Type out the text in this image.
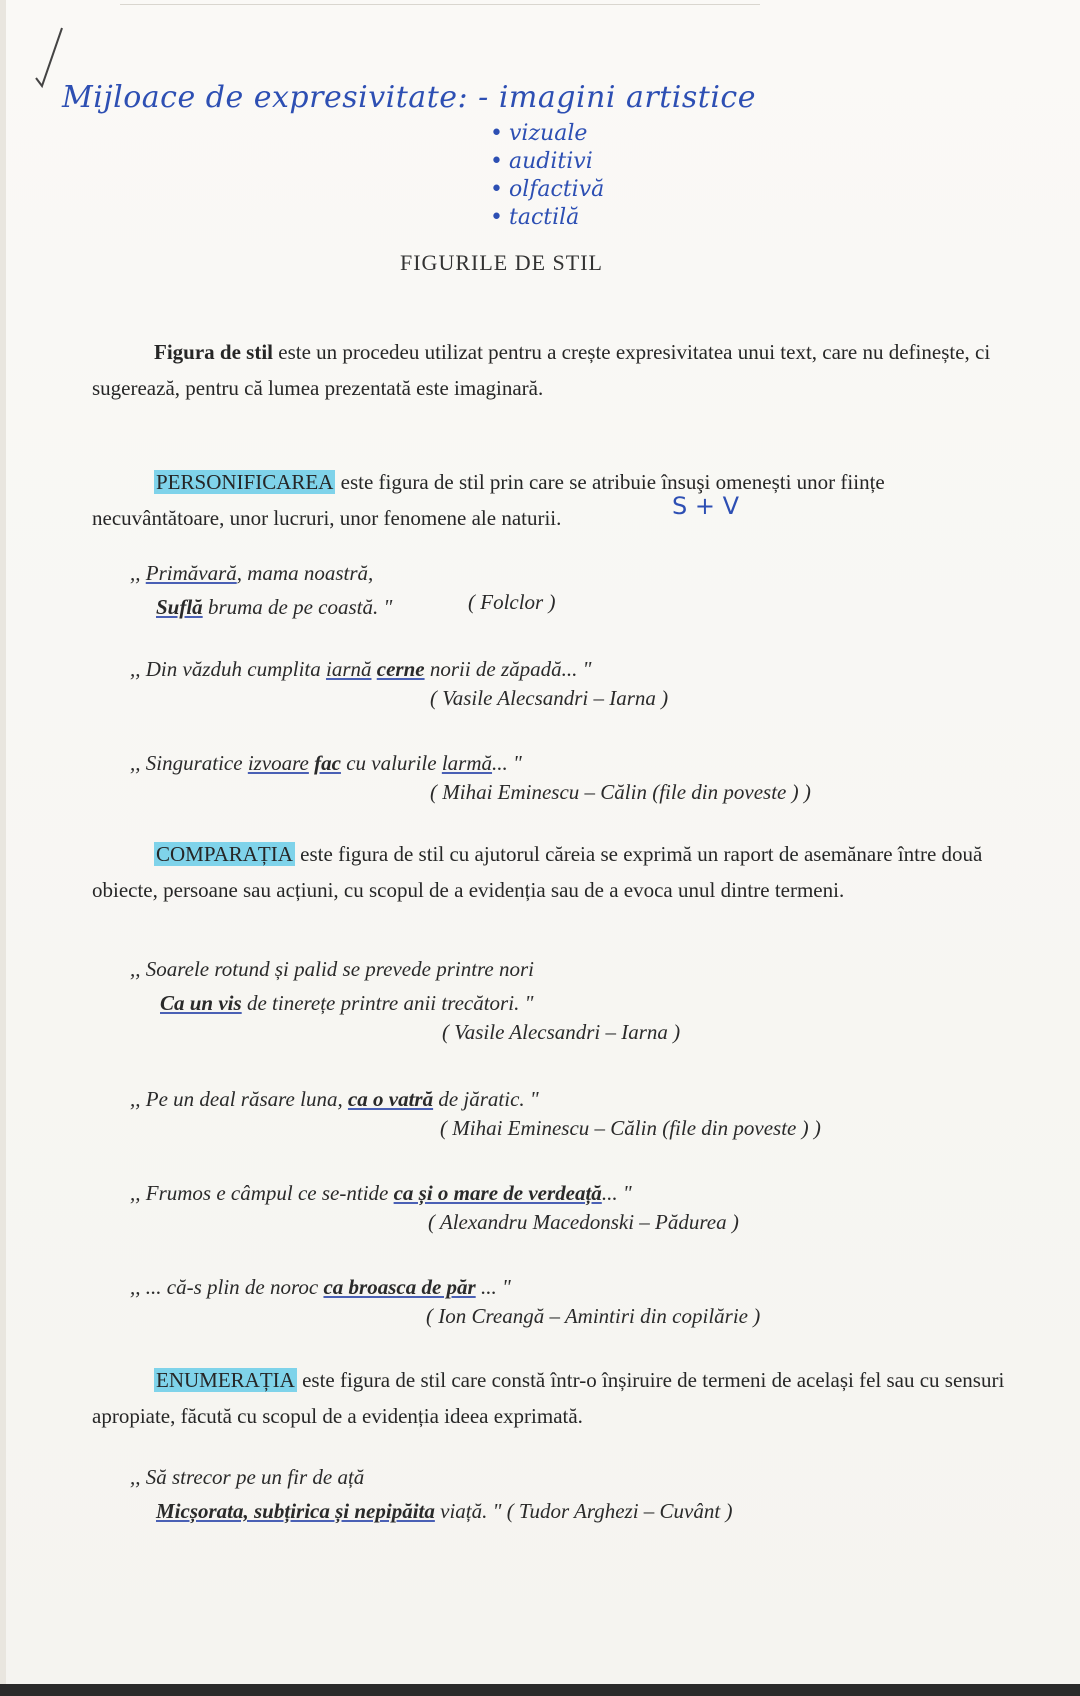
Mijloace de expresivitate: - imagini artistice
• vizuale
• auditivi
• olfactivă
• tactilă
FIGURILE DE STIL
Figura de stil este un procedeu utilizat pentru a crește expresivitatea unui text, care nu definește, ci sugerează, pentru că lumea prezentată este imaginară.
PERSONIFICAREA este figura de stil prin care se atribuie însuşi omenești unor ființe necuvântătoare, unor lucruri, unor fenomene ale naturii.	S + V
,, Primăvară, mama noastră,
Suflă bruma de pe coastă. "	( Folclor )
,, Din văzduh cumplita iarnă cerne norii de zăpadă... "
( Vasile Alecsandri – Iarna )
,, Singuratice izvoare fac cu valurile larmă... "
( Mihai Eminescu – Călin (file din poveste ) )
COMPARAȚIA este figura de stil cu ajutorul căreia se exprimă un raport de asemănare între două obiecte, persoane sau acțiuni, cu scopul de a evidenția sau de a evoca unul dintre termeni.
,, Soarele rotund și palid se prevede printre nori
Ca un vis de tinerețe printre anii trecători. "
( Vasile Alecsandri – Iarna )
,, Pe un deal răsare luna, ca o vatră de jăratic. "
( Mihai Eminescu – Călin (file din poveste ) )
,, Frumos e câmpul ce se-ntide ca și o mare de verdeață... "
( Alexandru Macedonski – Pădurea )
,, ... că-s plin de noroc ca broasca de păr ... "
( Ion Creangă – Amintiri din copilărie )
ENUMERAȚIA este figura de stil care constă într-o înșiruire de termeni de același fel sau cu sensuri apropiate, făcută cu scopul de a evidenția ideea exprimată.
,, Să strecor pe un fir de ață
Micșorata, subțirica și nepipăita viață. " ( Tudor Arghezi – Cuvânt )
